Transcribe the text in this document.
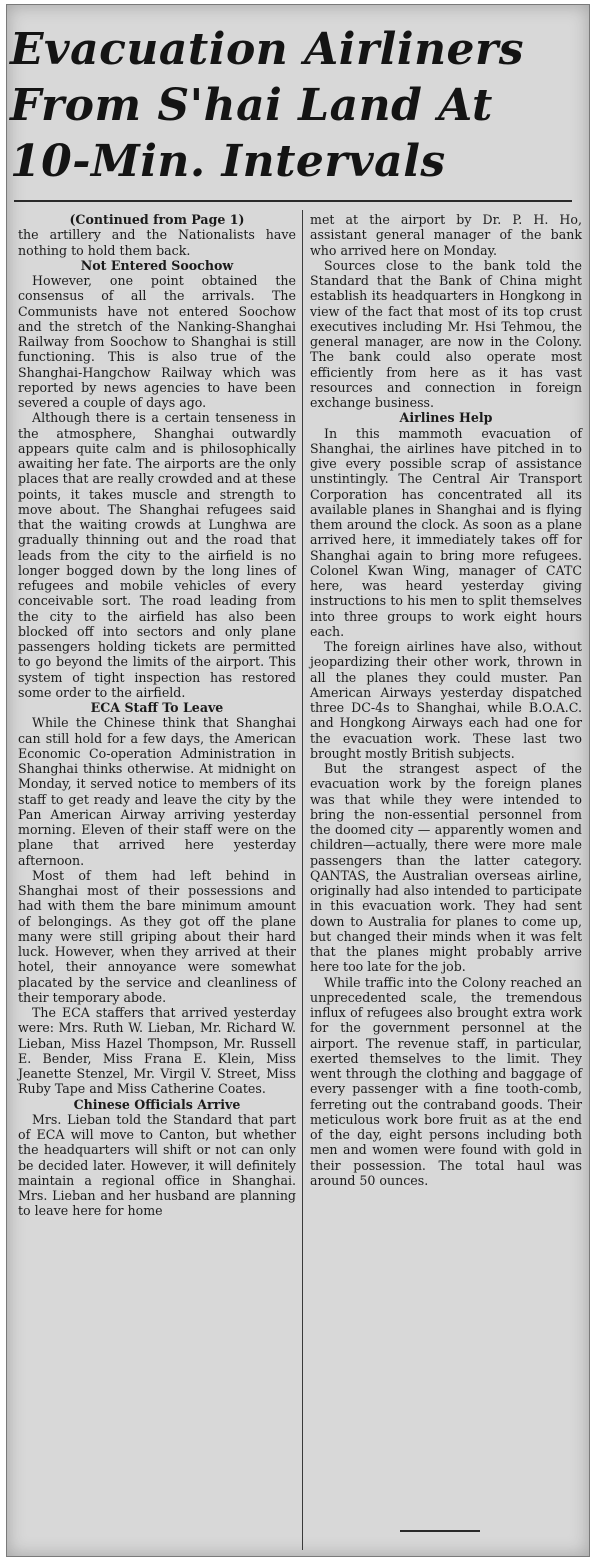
Evacuation Airliners From S'hai Land At 10-Min. Intervals

(Continued from Page 1)

the artillery and the Nationalists have nothing to hold them back.

Not Entered Soochow

However, one point obtained the consensus of all the arrivals. The Communists have not entered Soochow and the stretch of the Nanking-Shanghai Railway from Soochow to Shanghai is still functioning. This is also true of the Shanghai-Hangchow Railway which was reported by news agencies to have been severed a couple of days ago.

Although there is a certain tenseness in the atmosphere, Shanghai outwardly appears quite calm and is philosophically awaiting her fate. The airports are the only places that are really crowded and at these points, it takes muscle and strength to move about. The Shanghai refugees said that the waiting crowds at Lunghwa are gradually thinning out and the road that leads from the city to the airfield is no longer bogged down by the long lines of refugees and mobile vehicles of every conceivable sort. The road leading from the city to the airfield has also been blocked off into sectors and only plane passengers holding tickets are permitted to go beyond the limits of the airport. This system of tight inspection has restored some order to the airfield.

ECA Staff To Leave

While the Chinese think that Shanghai can still hold for a few days, the American Economic Co-operation Administration in Shanghai thinks otherwise. At midnight on Monday, it served notice to members of its staff to get ready and leave the city by the Pan American Airway arriving yesterday morning. Eleven of their staff were on the plane that arrived here yesterday afternoon.

Most of them had left behind in Shanghai most of their possessions and had with them the bare minimum amount of belongings. As they got off the plane many were still griping about their hard luck. However, when they arrived at their hotel, their annoyance were somewhat placated by the service and cleanliness of their temporary abode.

The ECA staffers that arrived yesterday were: Mrs. Ruth W. Lieban, Mr. Richard W. Lieban, Miss Hazel Thompson, Mr. Russell E. Bender, Miss Frana E. Klein, Miss Jeanette Stenzel, Mr. Virgil V. Street, Miss Ruby Tape and Miss Catherine Coates.

Chinese Officials Arrive

Mrs. Lieban told the Standard that part of ECA will move to Canton, but whether the headquarters will shift or not can only be decided later. However, it will definitely maintain a regional office in Shanghai. Mrs. Lieban and her husband are planning to leave here for home

met at the airport by Dr. P. H. Ho, assistant general manager of the bank who arrived here on Monday.

Sources close to the bank told the Standard that the Bank of China might establish its headquarters in Hongkong in view of the fact that most of its top crust executives including Mr. Hsi Tehmou, the general manager, are now in the Colony. The bank could also operate most efficiently from here as it has vast resources and connection in foreign exchange business.

Airlines Help

In this mammoth evacuation of Shanghai, the airlines have pitched in to give every possible scrap of assistance unstintingly. The Central Air Transport Corporation has concentrated all its available planes in Shanghai and is flying them around the clock. As soon as a plane arrived here, it immediately takes off for Shanghai again to bring more refugees. Colonel Kwan Wing, manager of CATC here, was heard yesterday giving instructions to his men to split themselves into three groups to work eight hours each.

The foreign airlines have also, without jeopardizing their other work, thrown in all the planes they could muster. Pan American Airways yesterday dispatched three DC-4s to Shanghai, while B.O.A.C. and Hongkong Airways each had one for the evacuation work. These last two brought mostly British subjects.

But the strangest aspect of the evacuation work by the foreign planes was that while they were intended to bring the non-essential personnel from the doomed city — apparently women and children—actually, there were more male passengers than the latter category. QANTAS, the Australian overseas airline, originally had also intended to participate in this evacuation work. They had sent down to Australia for planes to come up, but changed their minds when it was felt that the planes might probably arrive here too late for the job.

While traffic into the Colony reached an unprecedented scale, the tremendous influx of refugees also brought extra work for the government personnel at the airport. The revenue staff, in particular, exerted themselves to the limit. They went through the clothing and baggage of every passenger with a fine tooth-comb, ferreting out the contraband goods. Their meticulous work bore fruit as at the end of the day, eight persons including both men and women were found with gold in their possession. The total haul was around 50 ounces.
